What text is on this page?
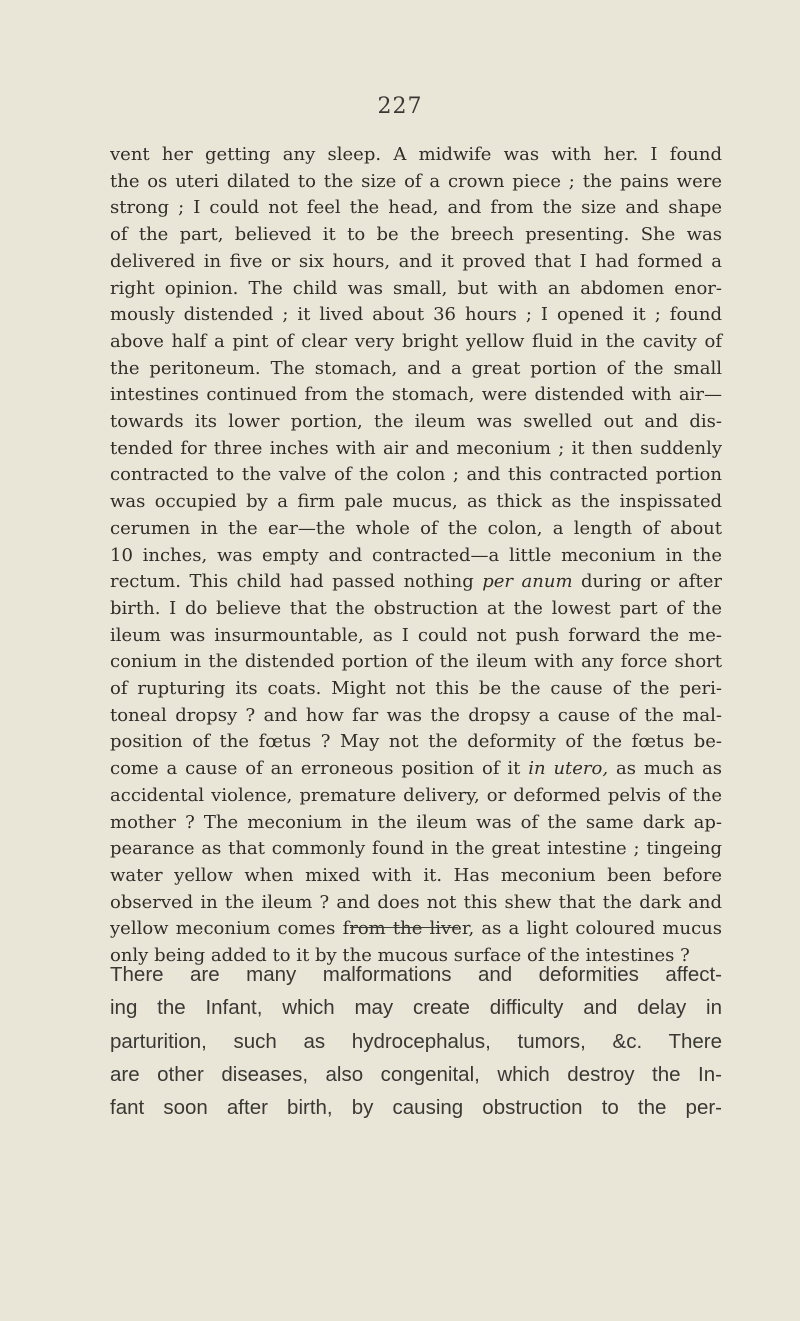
227
vent her getting any sleep. A midwife was with her. I found
the os uteri dilated to the size of a crown piece ; the pains were
strong ; I could not feel the head, and from the size and shape
of the part, believed it to be the breech presenting. She was
delivered in five or six hours, and it proved that I had formed a
right opinion. The child was small, but with an abdomen enor-
mously distended ; it lived about 36 hours ; I opened it ; found
above half a pint of clear very bright yellow fluid in the cavity of
the peritoneum. The stomach, and a great portion of the small
intestines continued from the stomach, were distended with air—
towards its lower portion, the ileum was swelled out and dis-
tended for three inches with air and meconium ; it then suddenly
contracted to the valve of the colon ; and this contracted portion
was occupied by a firm pale mucus, as thick as the inspissated
cerumen in the ear—the whole of the colon, a length of about
10 inches, was empty and contracted—a little meconium in the
rectum. This child had passed nothing per anum during or after
birth. I do believe that the obstruction at the lowest part of the
ileum was insurmountable, as I could not push forward the me-
conium in the distended portion of the ileum with any force short
of rupturing its coats. Might not this be the cause of the peri-
toneal dropsy ? and how far was the dropsy a cause of the mal-
position of the fœtus ? May not the deformity of the fœtus be-
come a cause of an erroneous position of it in utero, as much as
accidental violence, premature delivery, or deformed pelvis of the
mother ? The meconium in the ileum was of the same dark ap-
pearance as that commonly found in the great intestine ; tingeing
water yellow when mixed with it. Has meconium been before
observed in the ileum ? and does not this shew that the dark and
yellow meconium comes from the liver, as a light coloured mucus
only being added to it by the mucous surface of the intestines ?
There are many malformations and deformities affect-
ing the Infant, which may create difficulty and delay in
parturition, such as hydrocephalus, tumors, &c. There
are other diseases, also congenital, which destroy the In-
fant soon after birth, by causing obstruction to the per-
